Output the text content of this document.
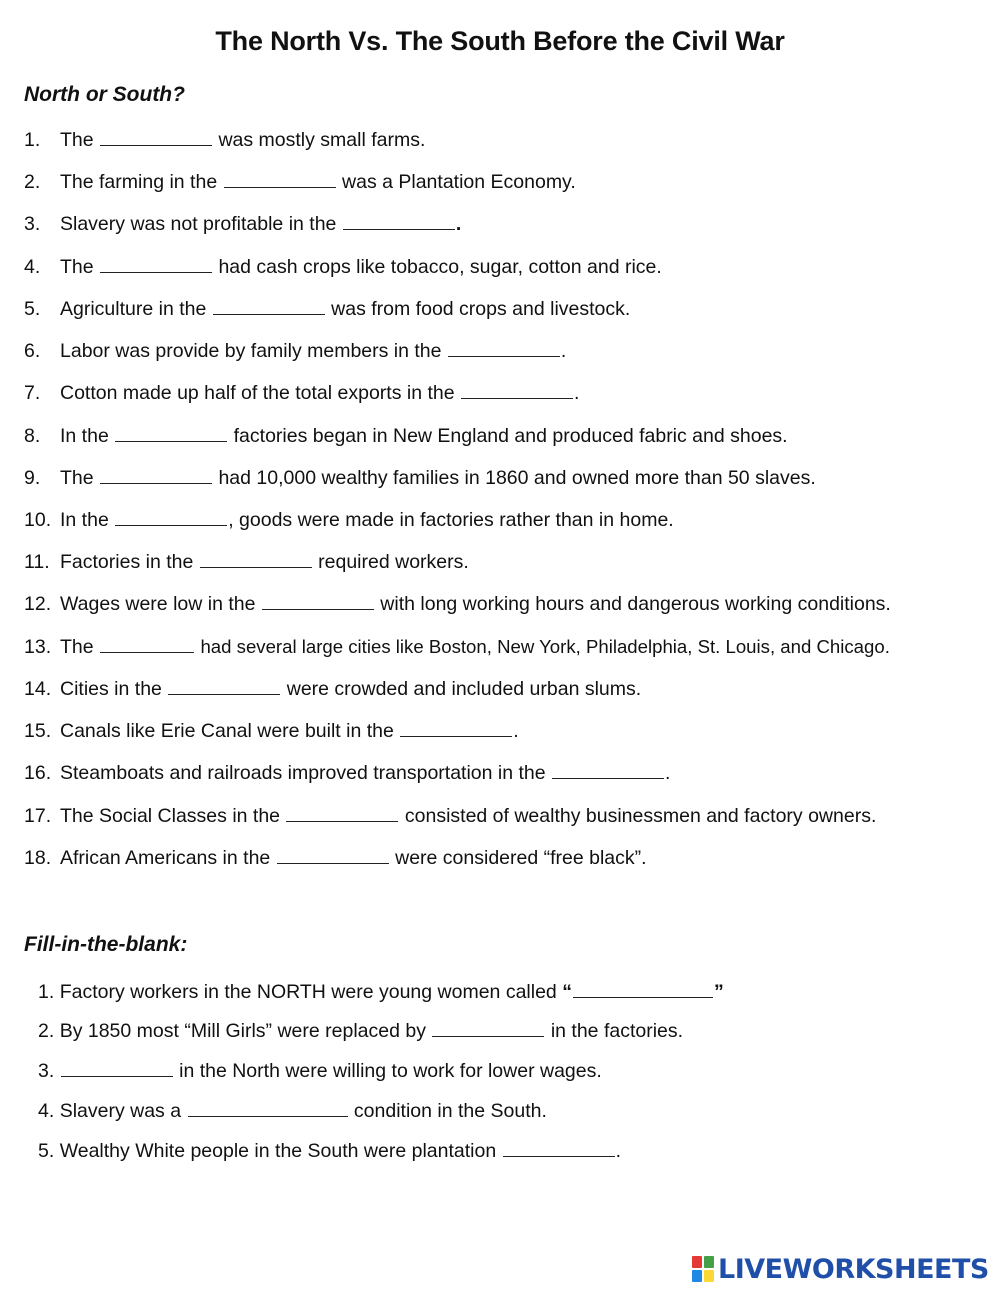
The North Vs. The South Before the Civil War
North or South?
1. The	was mostly small farms.
2. The farming in the	was a Plantation Economy.
3. Slavery was not profitable in the	.
4. The	had cash crops like tobacco, sugar, cotton and rice.
5. Agriculture in the	was from food crops and livestock.
6. Labor was provide by family members in the	.
7. Cotton made up half of the total exports in the	.
8. In the	factories began in New England and produced fabric and shoes.
9. The	had 10,000 wealthy families in 1860 and owned more than 50 slaves.
10. In the	, goods were made in factories rather than in home.
11. Factories in the	required workers.
12. Wages were low in the	with long working hours and dangerous working conditions.
13. The	had several large cities like Boston, New York, Philadelphia, St. Louis, and Chicago.
14. Cities in the	were crowded and included urban slums.
15. Canals like Erie Canal were built in the	.
16. Steamboats and railroads improved transportation in the	.
17. The Social Classes in the	consisted of wealthy businessmen and factory owners.
18. African Americans in the	were considered “free black”.
Fill-in-the-blank:
1. Factory workers in the NORTH were young women called “	”
2. By 1850 most “Mill Girls” were replaced by	in the factories.
3.	in the North were willing to work for lower wages.
4. Slavery was a	condition in the South.
5. Wealthy White people in the South were plantation	.
LIVEWORKSHEETS
